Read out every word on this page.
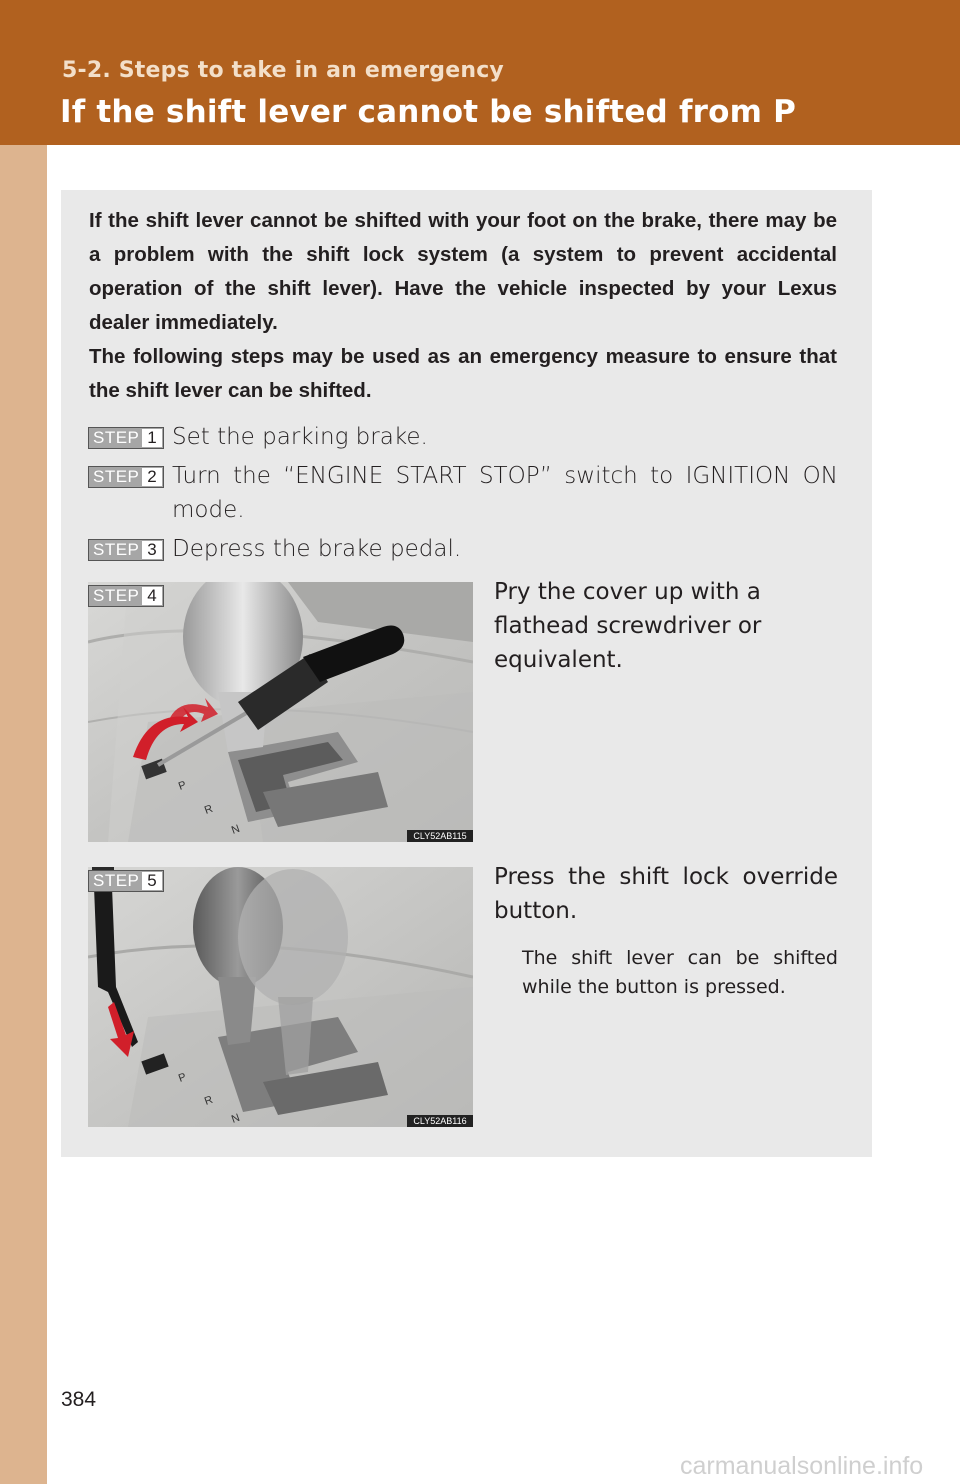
5-2. Steps to take in an emergency
If the shift lever cannot be shifted from P

If the shift lever cannot be shifted with your foot on the brake, there may be a problem with the shift lock system (a system to prevent accidental operation of the shift lever). Have the vehicle inspected by your Lexus dealer immediately.

The following steps may be used as an emergency measure to ensure that the shift lever can be shifted.

STEP 1 Set the parking brake.
STEP 2 Turn the “ENGINE START STOP” switch to IGNITION ON mode.
STEP 3 Depress the brake pedal.
P
R
N	CLY52AB115
STEP 4	Pry the cover up with a flathead screwdriver or equivalent.
P
R
N	CLY52AB116
STEP 5	Press the shift lock override button.
The shift lever can be shifted while the button is pressed.
384
carmanualsonline.info
